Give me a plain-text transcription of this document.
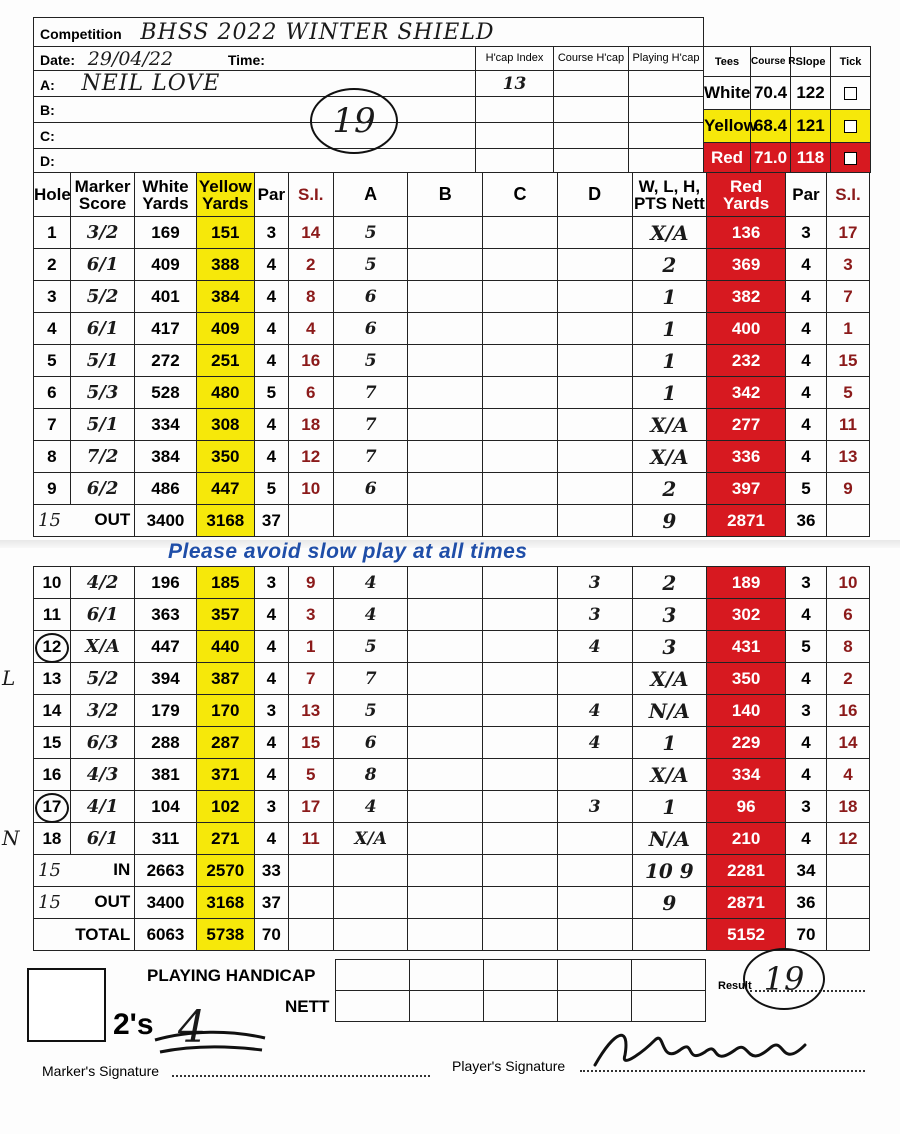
Competition BHSS 2022 WINTER SHIELD			
Date: 29/04/22 Time:	H'cap Index	Course H'cap	Playing H'cap
A: NEIL LOVE	13		
B:			
C:			
D:			
19
Tees	Course R	Slope	Tick
White	70.4	122	
Yellow	68.4	121	
Red	71.0	118	
Hole	Marker Score	White Yards	Yellow Yards	Par	S.I.	A	B	C	D	W, L, H, PTS Nett	Red Yards	Par	S.I.
1	3/2	169	151	3	14	5				X/A	136	3	17
2	6/1	409	388	4	2	5				2	369	4	3
3	5/2	401	384	4	8	6				1	382	4	7
4	6/1	417	409	4	4	6				1	400	4	1
5	5/1	272	251	4	16	5				1	232	4	15
6	5/3	528	480	5	6	7				1	342	4	5
7	5/1	334	308	4	18	7				X/A	277	4	11
8	7/2	384	350	4	12	7				X/A	336	4	13
9	6/2	486	447	5	10	6				2	397	5	9

15 OUT		3400	3168	37						9	2871	36	
Please avoid slow play at all times
10	4/2	196	185	3	9	4			3	2	189	3	10
11	6/1	363	357	4	3	4			3	3	302	4	6
12	X/A	447	440	4	1	5			4	3	431	5	8
13	5/2	394	387	4	7	7				X/A	350	4	2
14	3/2	179	170	3	13	5			4	N/A	140	3	16
15	6/3	288	287	4	15	6			4	1	229	4	14
16	4/3	381	371	4	5	8				X/A	334	4	4
17	4/1	104	102	3	17	4			3	1	96	3	18
18	6/1	311	271	4	11	X/A				N/A	210	4	12

15 IN		2663	2570	33						10 9	2281	34	

15 OUT		3400	3168	37						9	2871	36	
TOTAL		6063	5738	70							5152	70	

PLAYING HANDICAP
NETT
2's 4
Result 19
Marker's Signature	Player's Signature
L
N
